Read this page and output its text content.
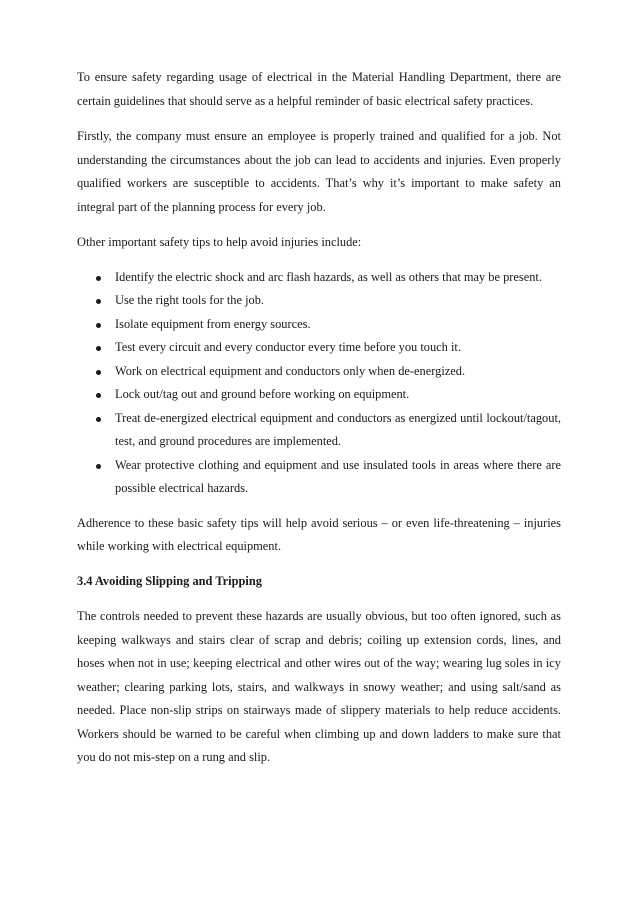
To ensure safety regarding usage of electrical in the Material Handling Department, there are certain guidelines that should serve as a helpful reminder of basic electrical safety practices.

Firstly, the company must ensure an employee is properly trained and qualified for a job. Not understanding the circumstances about the job can lead to accidents and injuries. Even properly qualified workers are susceptible to accidents. That’s why it’s important to make safety an integral part of the planning process for every job.

Other important safety tips to help avoid injuries include:

Identify the electric shock and arc flash hazards, as well as others that may be present.
Use the right tools for the job.
Isolate equipment from energy sources.
Test every circuit and every conductor every time before you touch it.
Work on electrical equipment and conductors only when de-energized.
Lock out/tag out and ground before working on equipment.
Treat de-energized electrical equipment and conductors as energized until lockout/tagout, test, and ground procedures are implemented.
Wear protective clothing and equipment and use insulated tools in areas where there are possible electrical hazards.

Adherence to these basic safety tips will help avoid serious – or even life-threatening – injuries while working with electrical equipment.

3.4 Avoiding Slipping and Tripping

The controls needed to prevent these hazards are usually obvious, but too often ignored, such as keeping walkways and stairs clear of scrap and debris; coiling up extension cords, lines, and hoses when not in use; keeping electrical and other wires out of the way; wearing lug soles in icy weather; clearing parking lots, stairs, and walkways in snowy weather; and using salt/sand as needed. Place non-slip strips on stairways made of slippery materials to help reduce accidents. Workers should be warned to be careful when climbing up and down ladders to make sure that you do not mis-step on a rung and slip.
